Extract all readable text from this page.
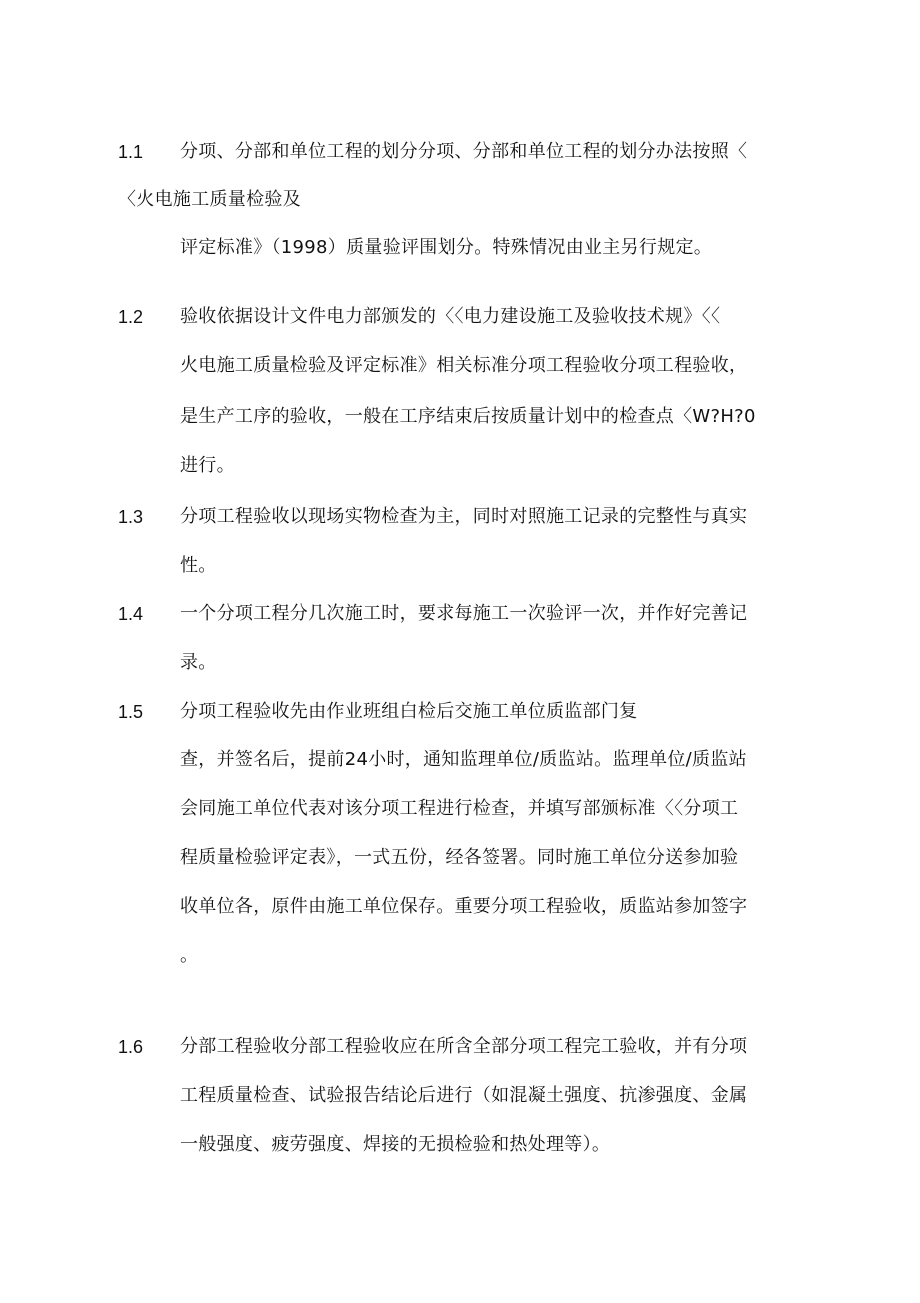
1.1 分项、分部和单位工程的划分分项、分部和单位工程的划分办法按照〈
〈火电施工质量检验及
评定标准》（1998）质量验评围划分。特殊情况由业主另行规定。
1.2 验收依据设计文件电力部颁发的〈〈电力建设施工及验收技术规》〈〈
火电施工质量检验及评定标准》相关标准分项工程验收分项工程验收，
是生产工序的验收，一般在工序结束后按质量计划中的检查点〈W?H?0
进行。
1.3 分项工程验收以现场实物检查为主，同时对照施工记录的完整性与真实
性。
1.4 一个分项工程分几次施工时，要求每施工一次验评一次，并作好完善记
录。
1.5 分项工程验收先由作业班组白检后交施工单位质监部门复
查，并签名后，提前24小时，通知监理单位/质监站。监理单位/质监站
会同施工单位代表对该分项工程进行检查，并填写部颁标准〈〈分项工
程质量检验评定表》，一式五份，经各签署。同时施工单位分送参加验
收单位各，原件由施工单位保存。重要分项工程验收，质监站参加签字
。
1.6 分部工程验收分部工程验收应在所含全部分项工程完工验收，并有分项
工程质量检查、试验报告结论后进行（如混凝土强度、抗渗强度、金属
一般强度、疲劳强度、焊接的无损检验和热处理等）。
